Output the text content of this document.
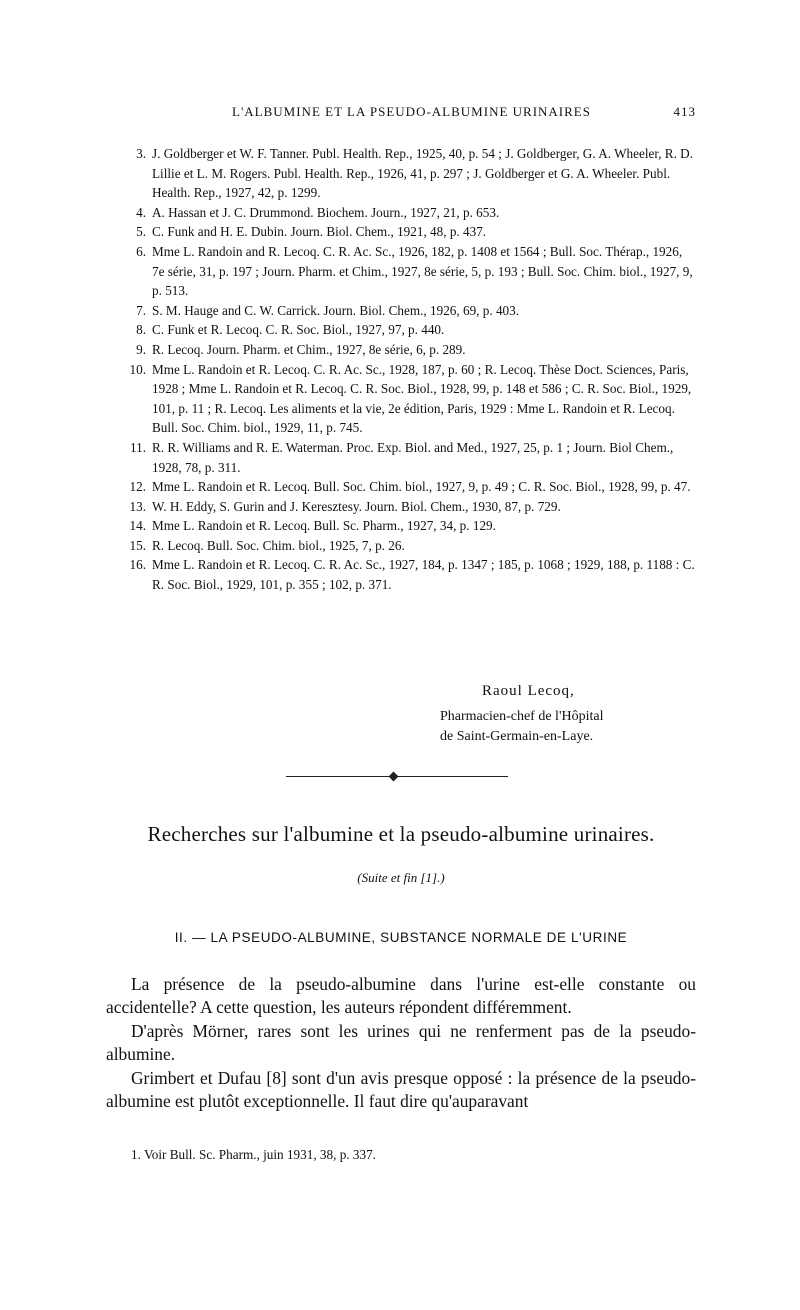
L'ALBUMINE ET LA PSEUDO-ALBUMINE URINAIRES	413

3. J. Goldberger et W. F. Tanner. Publ. Health. Rep., 1925, 40, p. 54 ; J. Goldberger, G. A. Wheeler, R. D. Lillie et L. M. Rogers. Publ. Health. Rep., 1926, 41, p. 297 ; J. Goldberger et G. A. Wheeler. Publ. Health. Rep., 1927, 42, p. 1299.

4. A. Hassan et J. C. Drummond. Biochem. Journ., 1927, 21, p. 653.

5. C. Funk and H. E. Dubin. Journ. Biol. Chem., 1921, 48, p. 437.

6. Mme L. Randoin and R. Lecoq. C. R. Ac. Sc., 1926, 182, p. 1408 et 1564 ; Bull. Soc. Thérap., 1926, 7e série, 31, p. 197 ; Journ. Pharm. et Chim., 1927, 8e série, 5, p. 193 ; Bull. Soc. Chim. biol., 1927, 9, p. 513.

7. S. M. Hauge and C. W. Carrick. Journ. Biol. Chem., 1926, 69, p. 403.

8. C. Funk et R. Lecoq. C. R. Soc. Biol., 1927, 97, p. 440.

9. R. Lecoq. Journ. Pharm. et Chim., 1927, 8e série, 6, p. 289.

10. Mme L. Randoin et R. Lecoq. C. R. Ac. Sc., 1928, 187, p. 60 ; R. Lecoq. Thèse Doct. Sciences, Paris, 1928 ; Mme L. Randoin et R. Lecoq. C. R. Soc. Biol., 1928, 99, p. 148 et 586 ; C. R. Soc. Biol., 1929, 101, p. 11 ; R. Lecoq. Les aliments et la vie, 2e édition, Paris, 1929 : Mme L. Randoin et R. Lecoq. Bull. Soc. Chim. biol., 1929, 11, p. 745.

11. R. R. Williams and R. E. Waterman. Proc. Exp. Biol. and Med., 1927, 25, p. 1 ; Journ. Biol Chem., 1928, 78, p. 311.

12. Mme L. Randoin et R. Lecoq. Bull. Soc. Chim. biol., 1927, 9, p. 49 ; C. R. Soc. Biol., 1928, 99, p. 47.

13. W. H. Eddy, S. Gurin and J. Keresztesy. Journ. Biol. Chem., 1930, 87, p. 729.

14. Mme L. Randoin et R. Lecoq. Bull. Sc. Pharm., 1927, 34, p. 129.

15. R. Lecoq. Bull. Soc. Chim. biol., 1925, 7, p. 26.

16. Mme L. Randoin et R. Lecoq. C. R. Ac. Sc., 1927, 184, p. 1347 ; 185, p. 1068 ; 1929, 188, p. 1188 : C. R. Soc. Biol., 1929, 101, p. 355 ; 102, p. 371.

Raoul Lecoq,
Pharmacien-chef de l'Hôpital
de Saint-Germain-en-Laye.
Recherches sur l'albumine et la pseudo-albumine urinaires.
(Suite et fin [1].)
II. — LA PSEUDO-ALBUMINE, SUBSTANCE NORMALE DE L'URINE

La présence de la pseudo-albumine dans l'urine est-elle constante ou accidentelle? A cette question, les auteurs répondent différemment.

D'après Mörner, rares sont les urines qui ne renferment pas de la pseudo-albumine.

Grimbert et Dufau [8] sont d'un avis presque opposé : la présence de la pseudo-albumine est plutôt exceptionnelle. Il faut dire qu'auparavant

1. Voir Bull. Sc. Pharm., juin 1931, 38, p. 337.
